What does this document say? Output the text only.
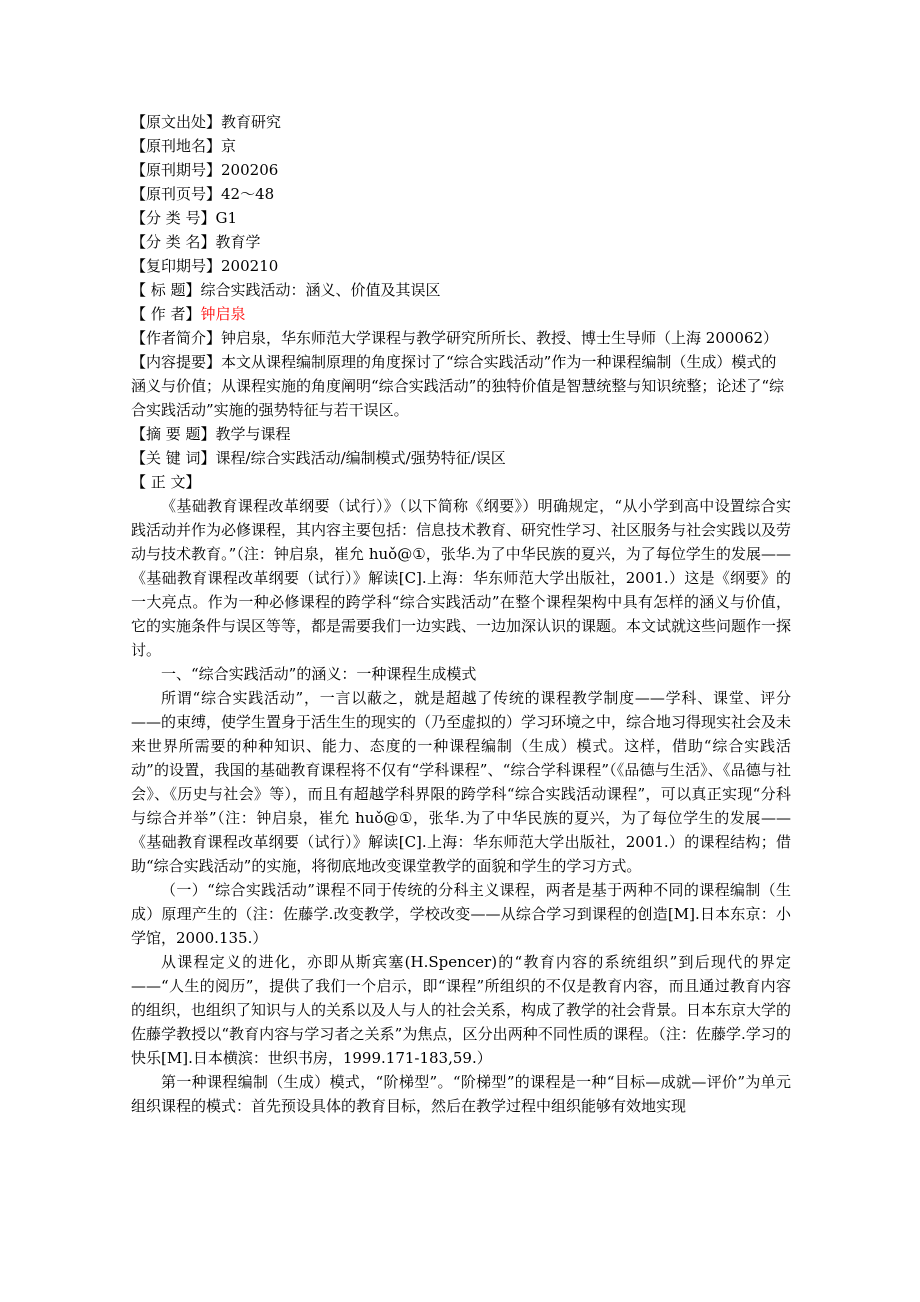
【原文出处】教育研究
【原刊地名】京
【原刊期号】200206
【原刊页号】42～48
【分 类 号】G1
【分 类 名】教育学
【复印期号】200210
【 标 题】综合实践活动：涵义、价值及其误区
【 作 者】钟启泉
【作者简介】钟启泉，华东师范大学课程与教学研究所所长、教授、博士生导师（上海 200062）
【内容提要】本文从课程编制原理的角度探讨了“综合实践活动”作为一种课程编制（生成）模式的涵义与价值；从课程实施的角度阐明“综合实践活动”的独特价值是智慧统整与知识统整；论述了“综合实践活动”实施的强势特征与若干误区。
【摘 要 题】教学与课程
【关 键 词】课程/综合实践活动/编制模式/强势特征/误区
【 正 文】
《基础教育课程改革纲要（试行）》（以下简称《纲要》）明确规定，“从小学到高中设置综合实践活动并作为必修课程，其内容主要包括：信息技术教育、研究性学习、社区服务与社会实践以及劳动与技术教育。”（注：钟启泉，崔允 huǒ@①，张华.为了中华民族的夏兴，为了每位学生的发展——《基础教育课程改革纲要（试行）》解读[C].上海：华东师范大学出版社，2001.）这是《纲要》的一大亮点。作为一种必修课程的跨学科“综合实践活动”在整个课程架构中具有怎样的涵义与价值，它的实施条件与误区等等，都是需要我们一边实践、一边加深认识的课题。本文试就这些问题作一探讨。
一、“综合实践活动”的涵义：一种课程生成模式
所谓“综合实践活动”，一言以蔽之，就是超越了传统的课程教学制度——学科、课堂、评分——的束缚，使学生置身于活生生的现实的（乃至虚拟的）学习环境之中，综合地习得现实社会及未来世界所需要的种种知识、能力、态度的一种课程编制（生成）模式。这样，借助“综合实践活动”的设置，我国的基础教育课程将不仅有“学科课程”、“综合学科课程”（《品德与生活》、《品德与社会》、《历史与社会》等），而且有超越学科界限的跨学科“综合实践活动课程”，可以真正实现“分科与综合并举”（注：钟启泉，崔允 huǒ@①，张华.为了中华民族的夏兴，为了每位学生的发展——《基础教育课程改革纲要（试行）》解读[C].上海：华东师范大学出版社，2001.）的课程结构；借助“综合实践活动”的实施，将彻底地改变课堂教学的面貌和学生的学习方式。
（一）“综合实践活动”课程不同于传统的分科主义课程，两者是基于两种不同的课程编制（生成）原理产生的（注：佐藤学.改变教学，学校改变——从综合学习到课程的创造[M].日本东京：小学馆，2000.135.）
从课程定义的进化，亦即从斯宾塞(H.Spencer)的“教育内容的系统组织”到后现代的界定——“人生的阅历”，提供了我们一个启示，即“课程”所组织的不仅是教育内容，而且通过教育内容的组织，也组织了知识与人的关系以及人与人的社会关系，构成了教学的社会背景。日本东京大学的佐藤学教授以“教育内容与学习者之关系”为焦点，区分出两种不同性质的课程。（注：佐藤学.学习的快乐[M].日本横滨：世织书房，1999.171-183,59.）
第一种课程编制（生成）模式，“阶梯型”。“阶梯型”的课程是一种“目标—成就—评价”为单元组织课程的模式：首先预设具体的教育目标，然后在教学过程中组织能够有效地实现
